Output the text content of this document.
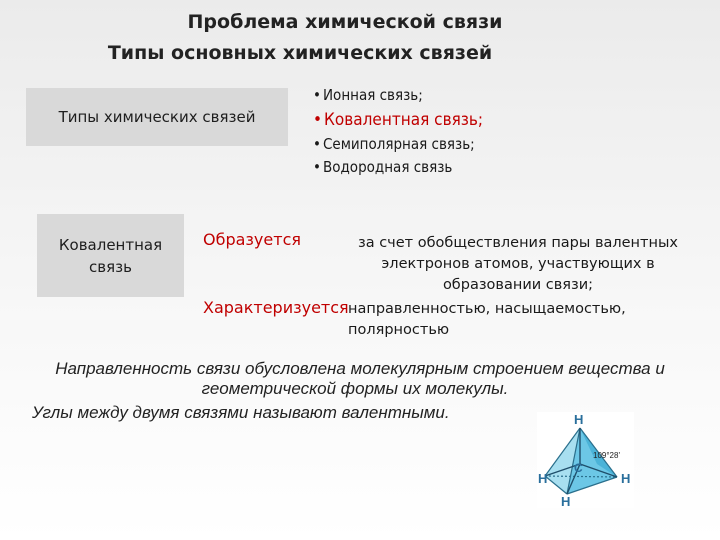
Проблема химической связи
Типы основных химических связей
Типы химических связей
• Ионная связь;
• Ковалентная связь;
• Семиполярная связь;
• Водородная связь
Ковалентная
связь
Образуется	за счет обобществления пары валентных электронов атомов, участвующих в образовании связи;
Характеризуется направленностью, насыщаемостью,
полярностью
Направленность связи обусловлена молекулярным строением вещества и
геометрической формы их молекулы.
Углы между двумя связями называют валентными.	H
C
H	H
H
109°28'
